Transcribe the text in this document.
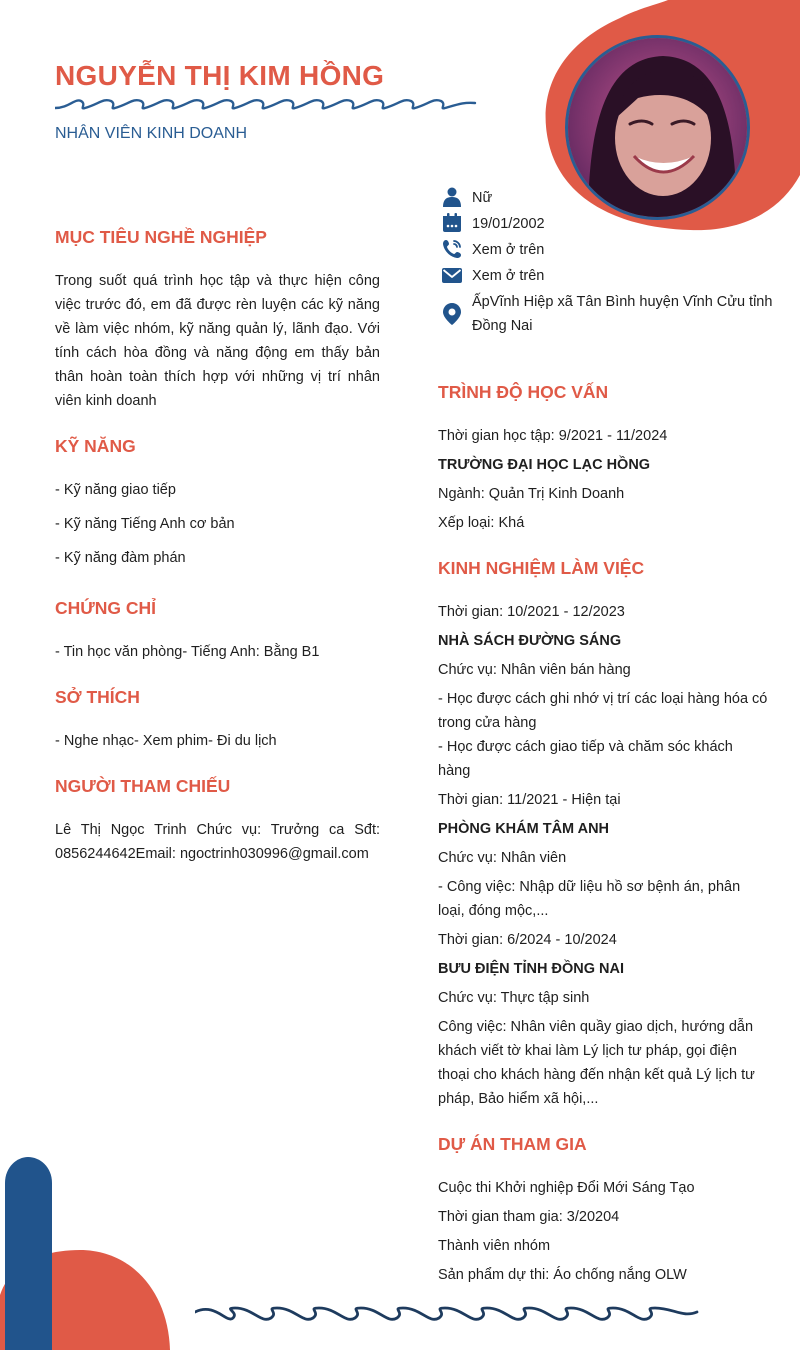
NGUYỄN THỊ KIM HỒNG

NHÂN VIÊN KINH DOANH

Nữ
19/01/2002
Xem ở trên
Xem ở trên
ẤpVĩnh Hiệp xã Tân Bình huyện Vĩnh Cửu tỉnh Đồng Nai
MỤC TIÊU NGHỀ NGHIỆP

Trong suốt quá trình học tập và thực hiện công việc trước đó, em đã được rèn luyện các kỹ năng về làm việc nhóm, kỹ năng quản lý, lãnh đạo. Với tính cách hòa đồng và năng động em thấy bản thân hoàn toàn thích hợp với những vị trí nhân viên kinh doanh

KỸ NĂNG

- Kỹ năng giao tiếp

- Kỹ năng Tiếng Anh cơ bản

- Kỹ năng đàm phán

CHỨNG CHỈ

- Tin học văn phòng- Tiếng Anh: Bằng B1

SỞ THÍCH

- Nghe nhạc- Xem phim- Đi du lịch

NGƯỜI THAM CHIẾU

Lê Thị Ngọc Trinh Chức vụ: Trưởng ca Sđt: 0856244642Email: ngoctrinh030996@gmail.com

TRÌNH ĐỘ HỌC VẤN

Thời gian học tập: 9/2021 - 11/2024

TRƯỜNG ĐẠI HỌC LẠC HỒNG

Ngành: Quản Trị Kinh Doanh

Xếp loại: Khá

KINH NGHIỆM LÀM VIỆC

Thời gian: 10/2021 - 12/2023

NHÀ SÁCH ĐƯỜNG SÁNG

Chức vụ: Nhân viên bán hàng

- Học được cách ghi nhớ vị trí các loại hàng hóa có trong cửa hàng

- Học được cách giao tiếp và chăm sóc khách hàng

Thời gian: 11/2021 - Hiện tại

PHÒNG KHÁM TÂM ANH

Chức vụ: Nhân viên

- Công việc: Nhập dữ liệu hồ sơ bệnh án, phân loại, đóng mộc,...

Thời gian: 6/2024 - 10/2024

BƯU ĐIỆN TỈNH ĐỒNG NAI

Chức vụ: Thực tập sinh

Công việc: Nhân viên quầy giao dịch, hướng dẫn khách viết tờ khai làm Lý lịch tư pháp, gọi điện thoại cho khách hàng đến nhận kết quả Lý lịch tư pháp, Bảo hiểm xã hội,...

DỰ ÁN THAM GIA

Cuộc thi Khởi nghiệp Đổi Mới Sáng Tạo

Thời gian tham gia: 3/20204

Thành viên nhóm

Sản phẩm dự thi: Áo chống nắng OLW
